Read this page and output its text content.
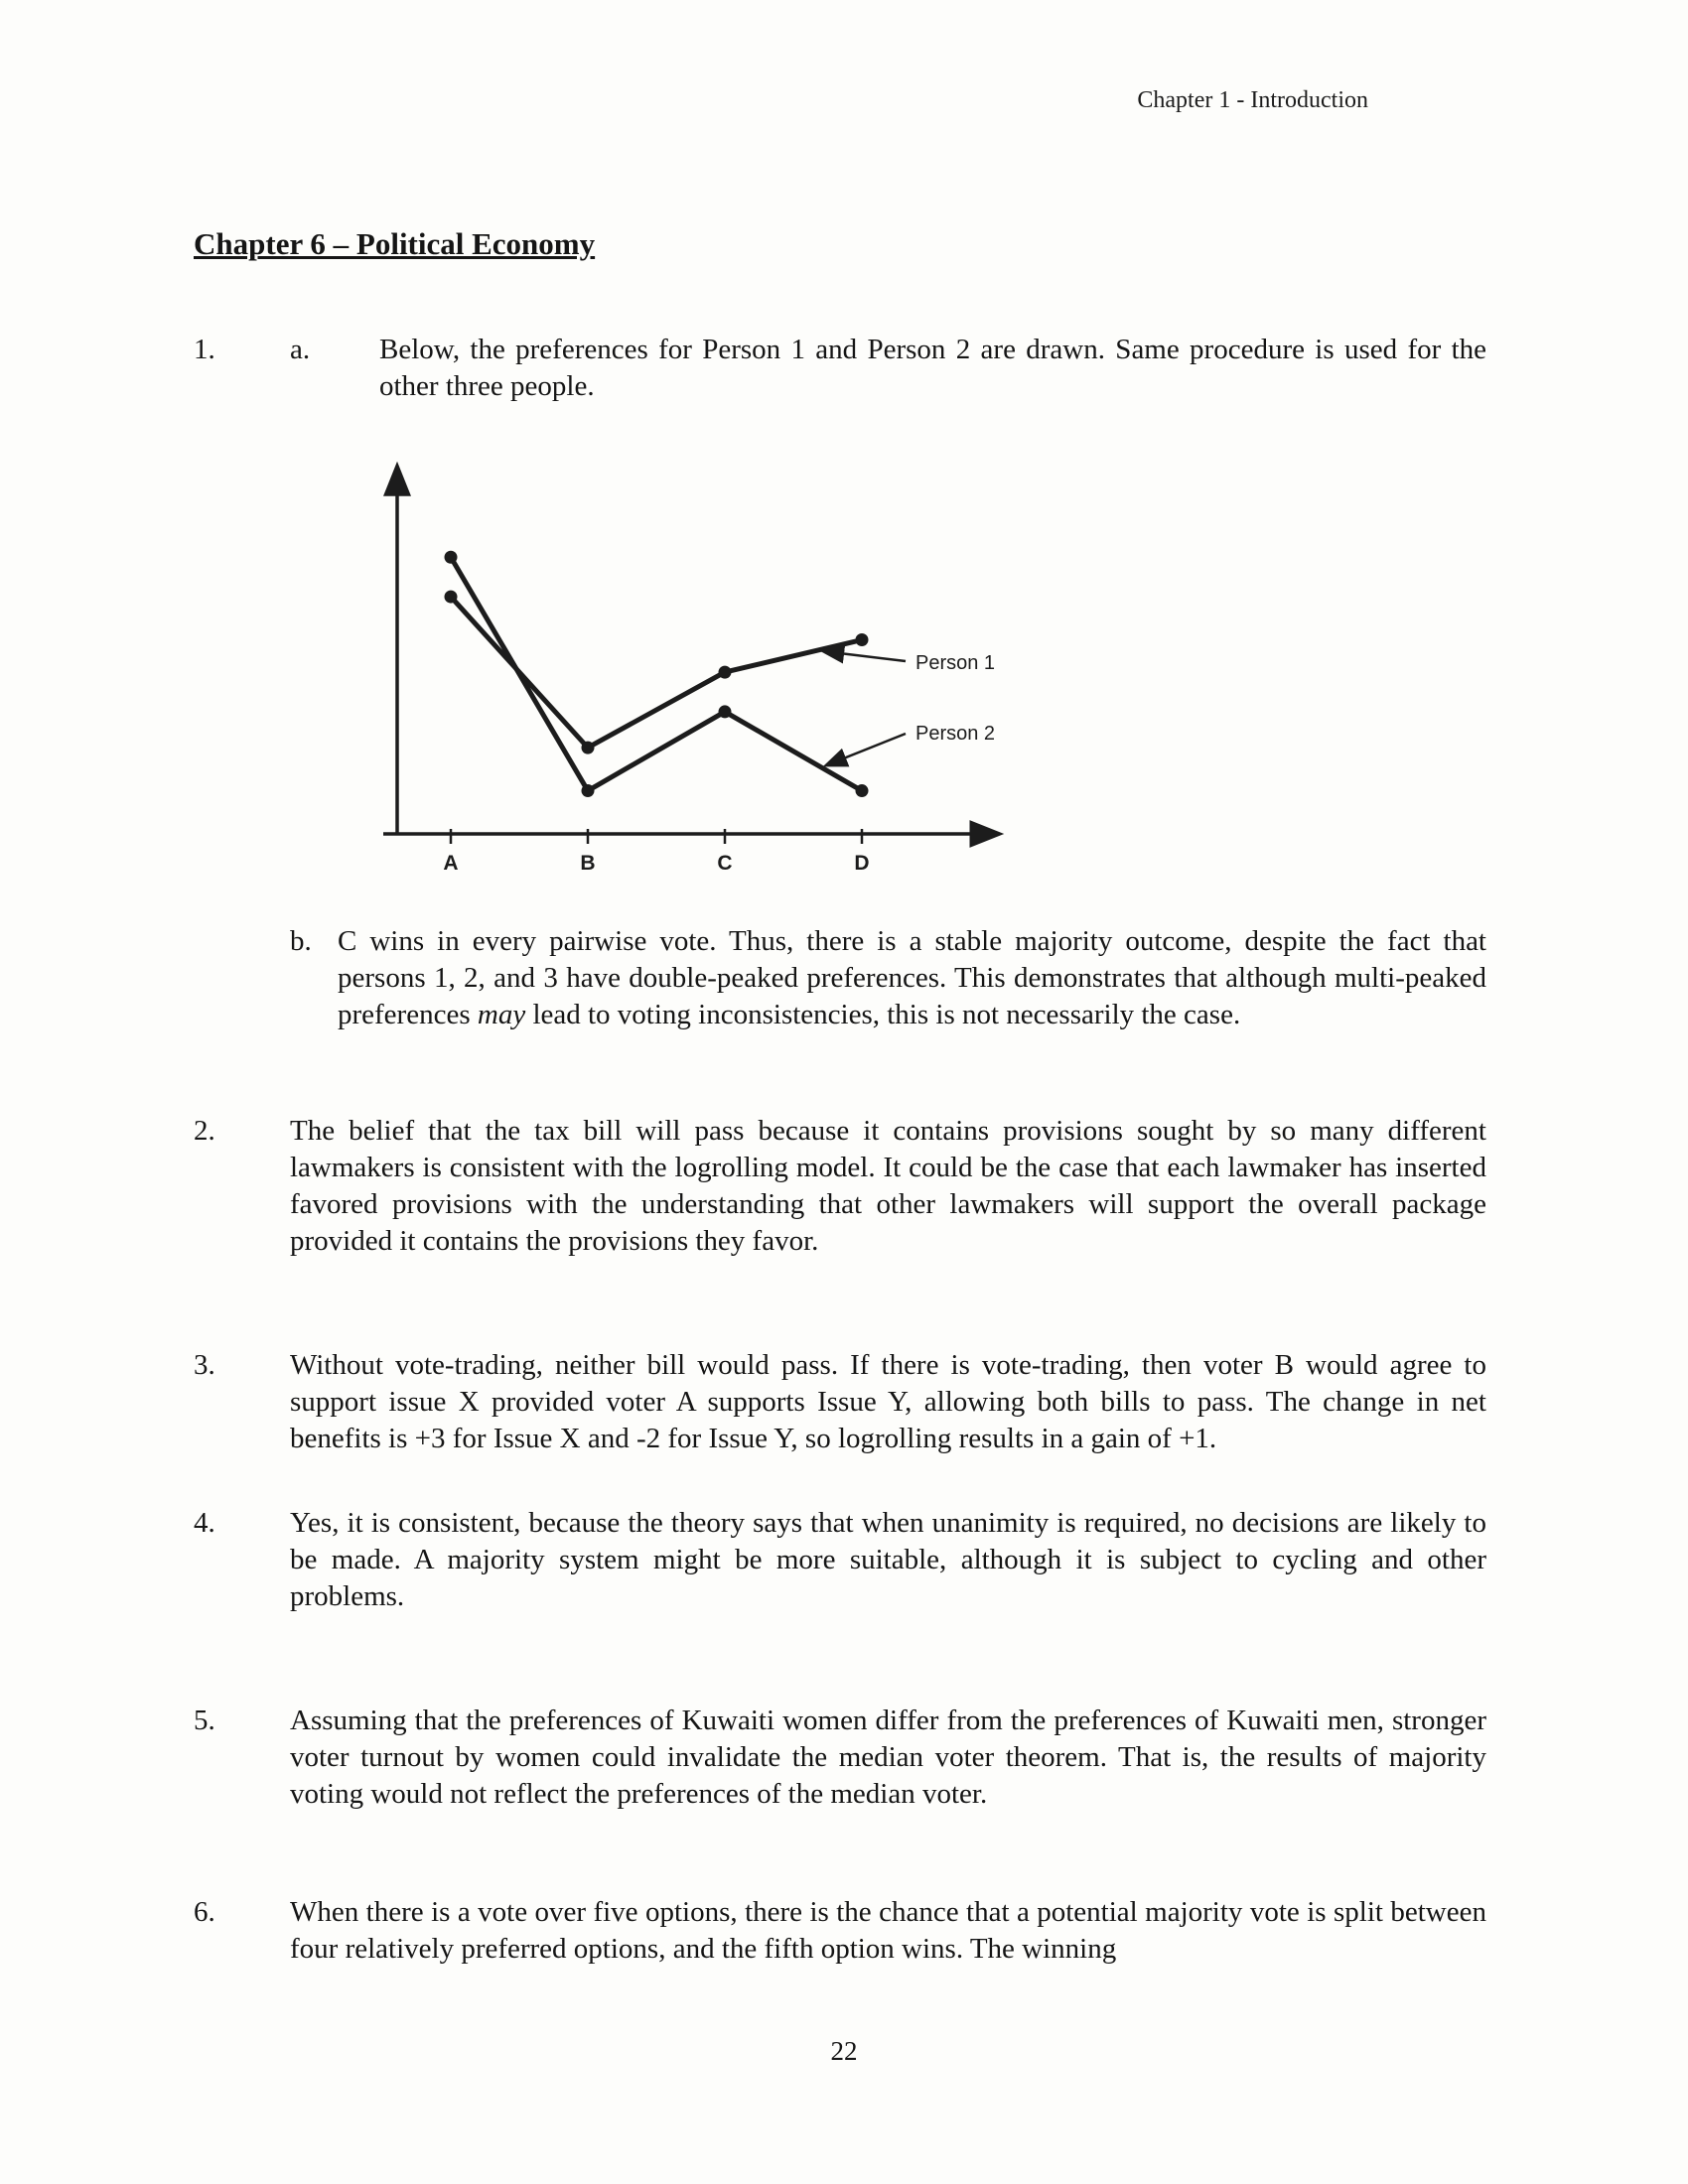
Chapter 1 - Introduction
Chapter 6 – Political Economy
1.	a.	Below, the preferences for Person 1 and Person 2 are drawn. Same procedure is used for the other three people.
A	B	C	D
Person 1
Person 2
b. C wins in every pairwise vote. Thus, there is a stable majority outcome, despite the fact that persons 1, 2, and 3 have double-peaked preferences. This demonstrates that although multi-peaked preferences may lead to voting inconsistencies, this is not necessarily the case.
2.	The belief that the tax bill will pass because it contains provisions sought by so many different lawmakers is consistent with the logrolling model. It could be the case that each lawmaker has inserted favored provisions with the understanding that other lawmakers will support the overall package provided it contains the provisions they favor.
3.	Without vote-trading, neither bill would pass. If there is vote-trading, then voter B would agree to support issue X provided voter A supports Issue Y, allowing both bills to pass. The change in net benefits is +3 for Issue X and -2 for Issue Y, so logrolling results in a gain of +1.
4.	Yes, it is consistent, because the theory says that when unanimity is required, no decisions are likely to be made. A majority system might be more suitable, although it is subject to cycling and other problems.
5.	Assuming that the preferences of Kuwaiti women differ from the preferences of Kuwaiti men, stronger voter turnout by women could invalidate the median voter theorem. That is, the results of majority voting would not reflect the preferences of the median voter.
6.	When there is a vote over five options, there is the chance that a potential majority vote is split between four relatively preferred options, and the fifth option wins. The winning
22
